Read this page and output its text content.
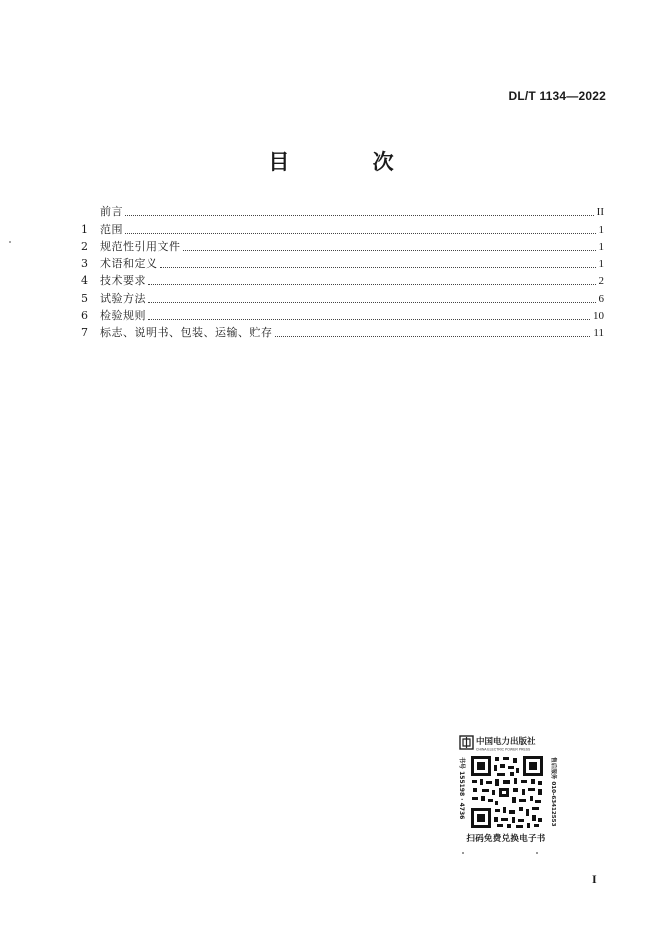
DL/T 1134—2022
目 次
前言	II
1	范围	1
2	规范性引用文件	1
3	术语和定义	1
4	技术要求	2
5	试验方法	6
6	检验规则	10
7	标志、说明书、包装、运输、贮存	11
中国电力出版社
CHINA ELECTRIC POWER PRESS
书号 155198 · 4736	售后服务 010-63412553
扫码免费兑换电子书
I
